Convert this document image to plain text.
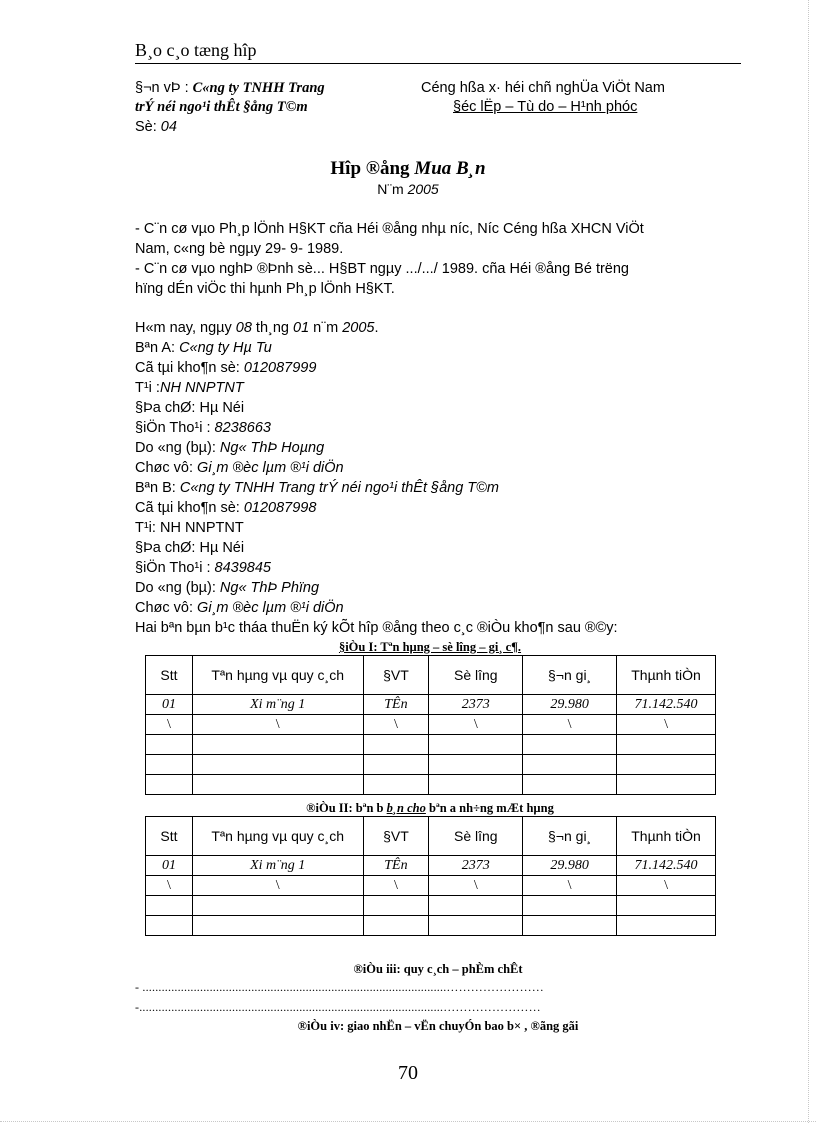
B¸o c¸o tæng hîp
§¬n vÞ : C«ng ty TNHH Trang
trÝ néi ngo¹i thÊt §ång T©m
Sè: 04
Céng hßa x· héi chñ nghÜa ViÖt Nam
§éc lËp – Tù do – H¹nh phóc
Hîp ®ång Mua B¸n
N¨m 2005
- C¨n cø vµo Ph¸p lÖnh H§KT cña Héi ®ång nhµ níc, Níc Céng hßa XHCN ViÖt
Nam, c«ng bè ngµy 29- 9- 1989.
- C¨n cø vµo nghÞ ®Þnh sè... H§BT ngµy .../.../ 1989. cña Héi ®ång Bé trëng
hïng dÉn viÖc thi hµnh Ph¸p lÖnh H§KT.
H«m nay, ngµy 08 th¸ng 01 n¨m 2005.
Bªn A: C«ng ty Hµ Tu
Cã tµi kho¶n sè: 012087999
T¹i :NH NNPTNT
§Þa chØ: Hµ Néi
§iÖn Tho¹i : 8238663
Do «ng (bµ): Ng« ThÞ Hoµng
Chøc vô: Gi¸m ®èc lµm ®¹i diÖn
Bªn B: C«ng ty TNHH Trang trÝ néi ngo¹i thÊt §ång T©m
Cã tµi kho¶n sè: 012087998
T¹i: NH NNPTNT
§Þa chØ: Hµ Néi
§iÖn Tho¹i : 8439845
Do «ng (bµ): Ng« ThÞ Phïng
Chøc vô: Gi¸m ®èc lµm ®¹i diÖn
Hai bªn bµn b¹c tháa thuËn ký kÕt hîp ®ång theo c¸c ®iÒu kho¶n sau ®©y:
§iÒu I: Tªn hµng – sè lîng – gi¸ c¶.
Stt	Tªn hµng vµ quy c¸ch	§VT	Sè lîng	§¬n gi¸	Thµnh tiÒn
01	Xi m¨ng 1	TÊn	2373	29.980	71.142.540
\	\	\	\	\	\

®iÒu II: bªn b b¸n cho bªn a nh÷ng mÆt hµng
Stt	Tªn hµng vµ quy c¸ch	§VT	Sè lîng	§¬n gi¸	Thµnh tiÒn
01	Xi m¨ng 1	TÊn	2373	29.980	71.142.540
\	\	\	\	\	\

®iÒu iii: quy c¸ch – phÈm chÊt
- ...............................................................................................……………………
-...............................................................................................……………………
®iÒu iv: giao nhËn – vËn chuyÓn bao b× , ®ãng gãi
70
